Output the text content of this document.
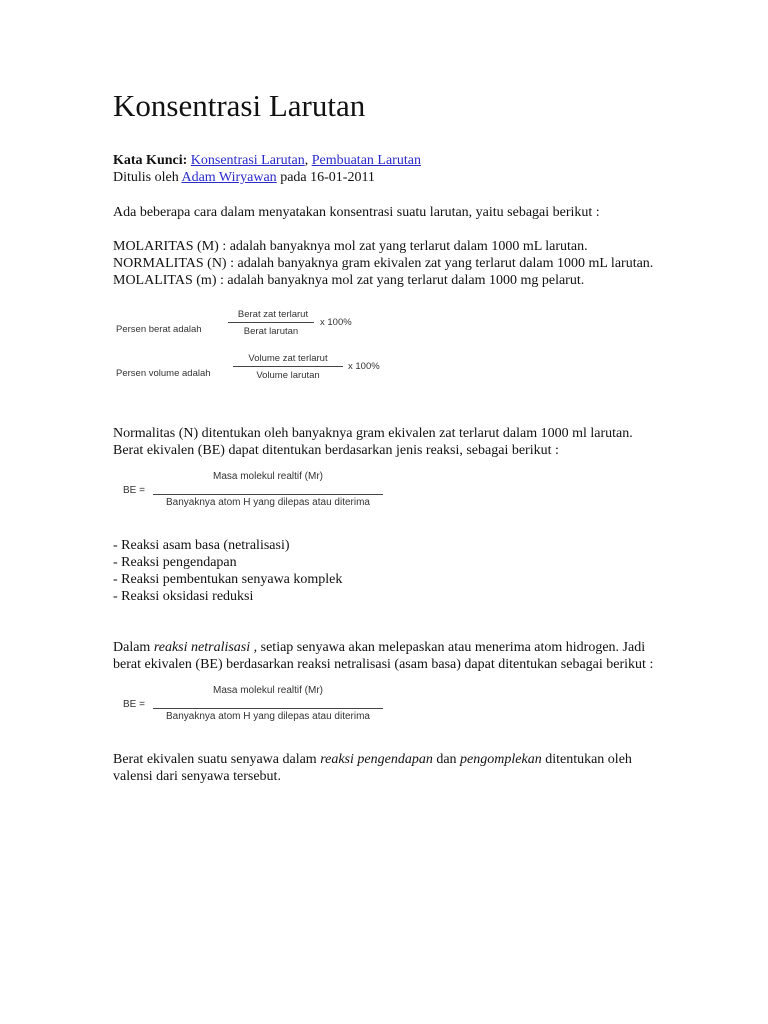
Konsentrasi Larutan

Kata Kunci: Konsentrasi Larutan, Pembuatan Larutan
Ditulis oleh Adam Wiryawan pada 16-01-2011

Ada beberapa cara dalam menyatakan konsentrasi suatu larutan, yaitu sebagai berikut :

MOLARITAS (M) : adalah banyaknya mol zat yang terlarut dalam 1000 mL larutan.

NORMALITAS (N) : adalah banyaknya gram ekivalen zat yang terlarut dalam 1000 mL larutan.

MOLALITAS (m) : adalah banyaknya mol zat yang terlarut dalam 1000 mg pelarut.

Persen berat adalah
Berat zat terlarut
Berat larutan
x 100%
Persen volume adalah
Volume zat terlarut
Volume larutan
x 100%

Normalitas (N) ditentukan oleh banyaknya gram ekivalen zat terlarut dalam 1000 ml larutan. Berat ekivalen (BE) dapat ditentukan berdasarkan jenis reaksi, sebagai berikut :

BE =
Masa molekul realtif (Mr)
Banyaknya atom H yang dilepas atau diterima

- Reaksi asam basa (netralisasi)

- Reaksi pengendapan

- Reaksi pembentukan senyawa komplek

- Reaksi oksidasi reduksi

Dalam reaksi netralisasi , setiap senyawa akan melepaskan atau menerima atom hidrogen. Jadi berat ekivalen (BE) berdasarkan reaksi netralisasi (asam basa) dapat ditentukan sebagai berikut :

BE =
Masa molekul realtif (Mr)
Banyaknya atom H yang dilepas atau diterima

Berat ekivalen suatu senyawa dalam reaksi pengendapan dan pengomplekan ditentukan oleh valensi dari senyawa tersebut.
